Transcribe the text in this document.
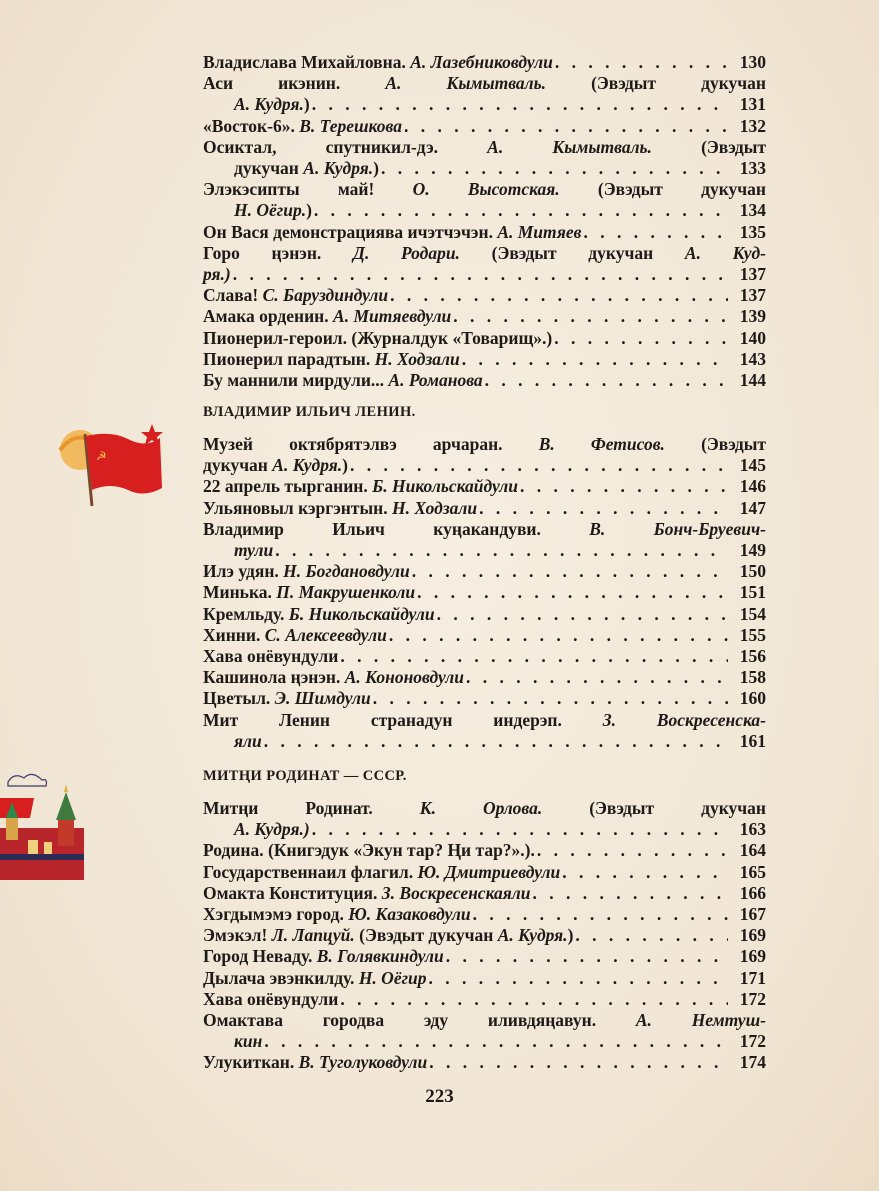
☭
Владислава Михайловна. А. Лазебниковдули . . .	130
Аси икэнин. А. Кымытваль. (Эвэдыт дукучан
А. Кудря.) . . .	131
«Восток-6». В. Терешкова . . .	132
Осиктал, спутникил-дэ. А. Кымытваль. (Эвэдыт
дукучан А. Кудря.) . . .	133
Элэкэсипты май! О. Высотская. (Эвэдыт дукучан
Н. Оёгир.) . . .	134
Он Вася демонстрациява ичэтчэчэн. А. Митяев . . .	135
Горо ңэнэн. Д. Родари. (Эвэдыт дукучан А. Куд-
ря.) . . .	137
Слава! С. Баруздиндули . . .	137
Амака орденин. А. Митяевдули . . .	139
Пионерил-героил. (Журналдук «Товарищ».) . . .	140
Пионерил парадтын. Н. Ходзали . . .	143
Бу маннили мирдули... А. Романова . . .	144

ВЛАДИМИР ИЛЬИЧ ЛЕНИН.

Музей октябрятэлвэ арчаран. В. Фетисов. (Эвэдыт
дукучан А. Кудря.) . . .	145
22 апрель тырганин. Б. Никольскайдули . . .	146
Ульяновыл кэргэнтын. Н. Ходзали . . .	147
Владимир Ильич куңакандуви. В. Бонч-Бруевич-
тули . . .	149
Илэ удян. Н. Богдановдули . . .	150
Минька. П. Макрушенколи . . .	151
Кремльду. Б. Никольскайдули . . .	154
Хинни. С. Алексеевдули . . .	155
Хава онёвундули . . .	156
Кашинола ңэнэн. А. Кононовдули . . .	158
Цветыл. Э. Шимдули . . .	160
Мит Ленин странадун индерэп. З. Воскресенска-
яли . . .	161

МИТҢИ РОДИНАТ — СССР.

Митңи Родинат. К. Орлова. (Эвэдыт дукучан
А. Кудря.) . . .	163
Родина. (Книгэдук «Экун тар? Ңи тар?».). . . .	164
Государственнаил флагил. Ю. Дмитриевдули . . .	165
Омакта Конституция. З. Воскресенскаяли . . .	166
Хэгдымэмэ город. Ю. Казаковдули . . .	167
Эмэкэл! Л. Лапцуй. (Эвэдыт дукучан А. Кудря.) . . .	169
Город Неваду. В. Голявкиндули . . .	169
Дылача эвэнкилду. Н. Оёгир . . .	171
Хава онёвундули . . .	172
Омактава городва эду иливдяңавун. А. Немтуш-
кин . . .	172
Улукиткан. В. Туголуковдули . . .	174
223
